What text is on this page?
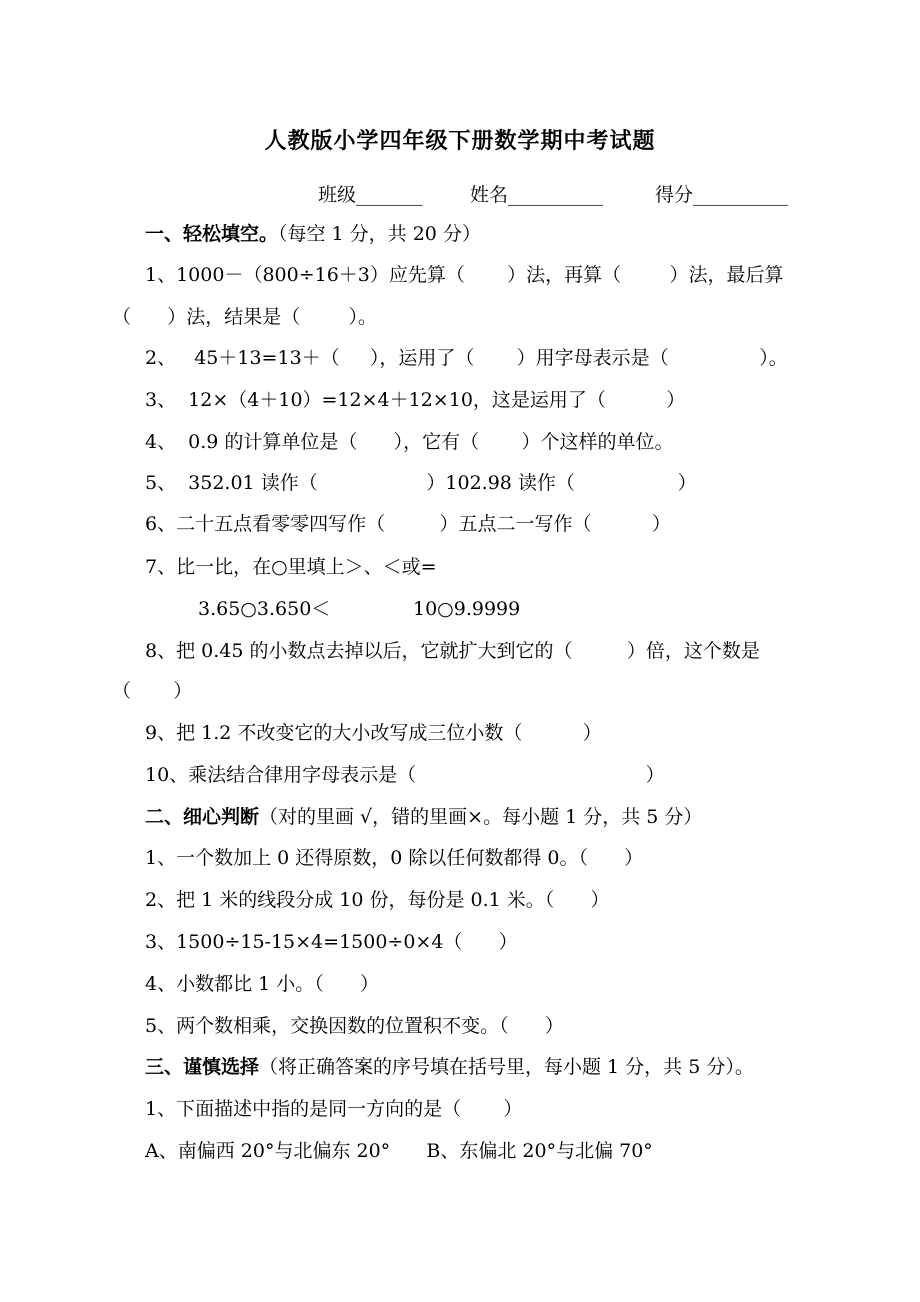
人教版小学四年级下册数学期中考试题
班级_______ 姓名__________	得分__________
一、轻松填空。（每空 1 分，共 20 分）
1、1000－（800÷16＋3）应先算（       ）法，再算（        ）法，最后算
（      ）法，结果是（        ）。
2、   45＋13=13＋（     ），运用了（       ）用字母表示是（               ）。
3、  12×（4＋10）=12×4＋12×10，这是运用了（          ）
4、  0.9 的计算单位是（      ），它有（       ）个这样的单位。
5、  352.01 读作（                  ）102.98 读作（                 ）
6、二十五点看零零四写作（         ）五点二一写作（          ）
7、比一比，在○里填上＞、＜或=
3.65○3.650＜	10○9.9999
8、把 0.45 的小数点去掉以后，它就扩大到它的（         ）倍，这个数是
（       ）
9、把 1.2 不改变它的大小改写成三位小数（          ）
10、乘法结合律用字母表示是（                                      ）
二、细心判断（对的里画 √，错的里画×。每小题 1 分，共 5 分）
1、一个数加上 0 还得原数，0 除以任何数都得 0。（      ）
2、把 1 米的线段分成 10 份，每份是 0.1 米。（      ）
3、1500÷15-15×4=1500÷0×4（      ）
4、小数都比 1 小。（      ）
5、两个数相乘，交换因数的位置积不变。（      ）
三、谨慎选择（将正确答案的序号填在括号里，每小题 1 分，共 5 分）。
1、下面描述中指的是同一方向的是（       ）
A、南偏西 20°与北偏东 20°      B、东偏北 20°与北偏 70°
